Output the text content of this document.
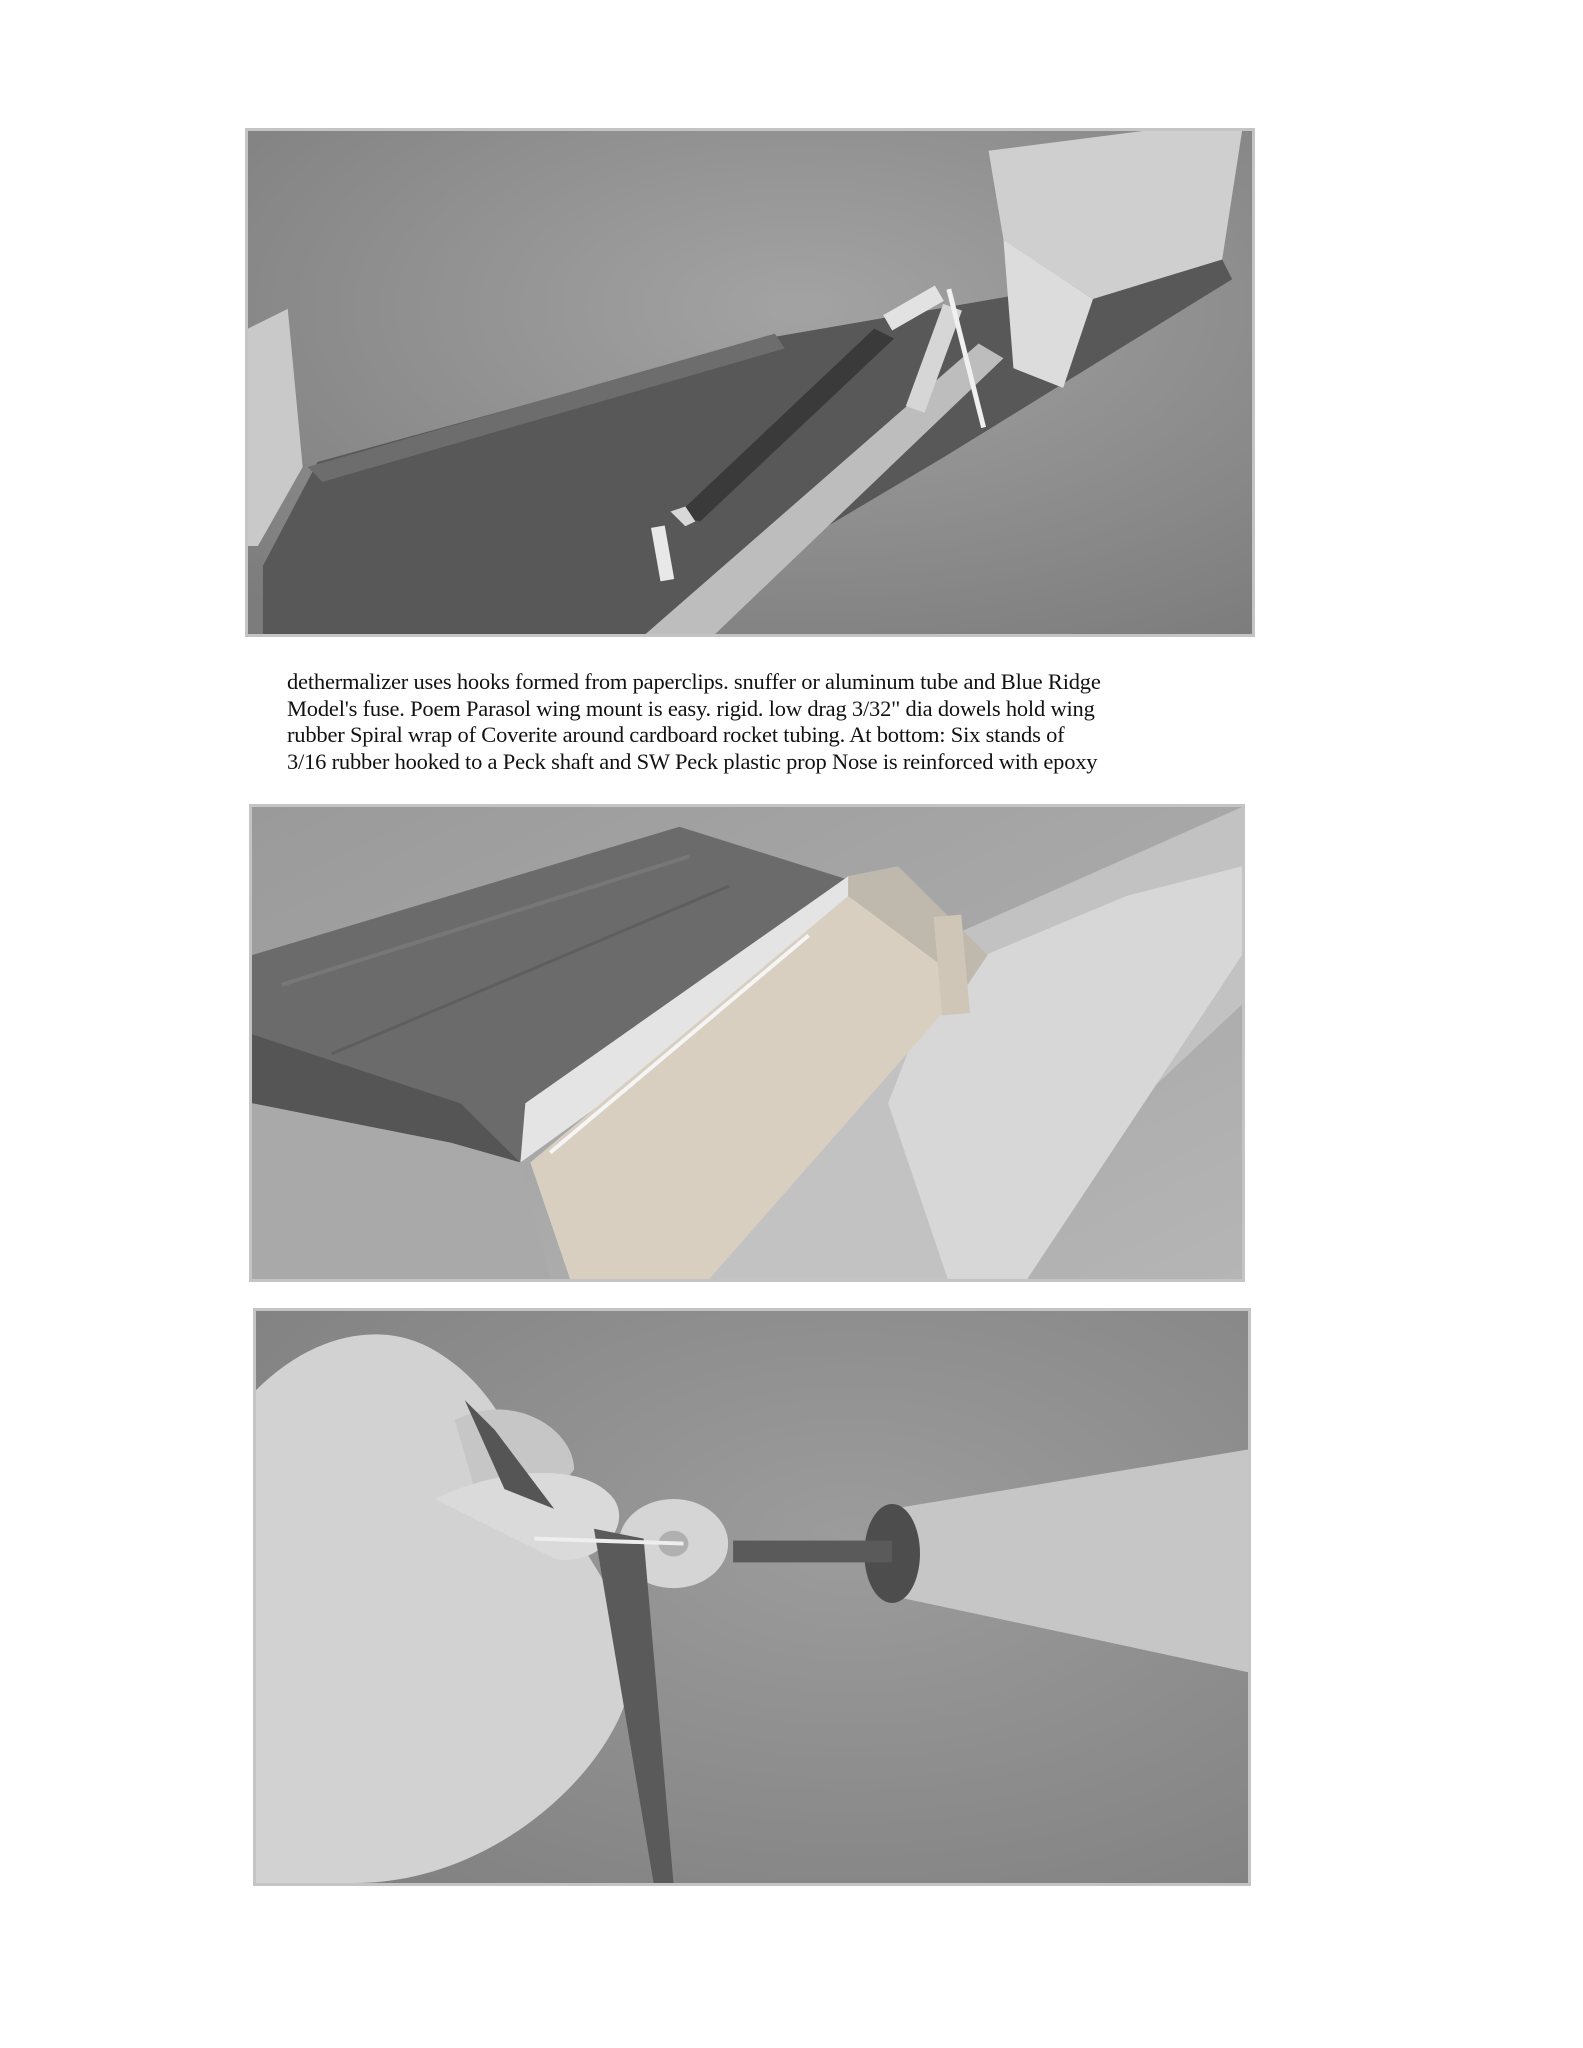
dethermalizer uses hooks formed from paperclips. snuffer or aluminum tube and Blue Ridge
Model's fuse. Poem Parasol wing mount is easy. rigid. low drag 3/32" dia dowels hold wing
rubber Spiral wrap of Coverite around cardboard rocket tubing. At bottom: Six stands of
3/16 rubber hooked to a Peck shaft and SW Peck plastic prop Nose is reinforced with epoxy
